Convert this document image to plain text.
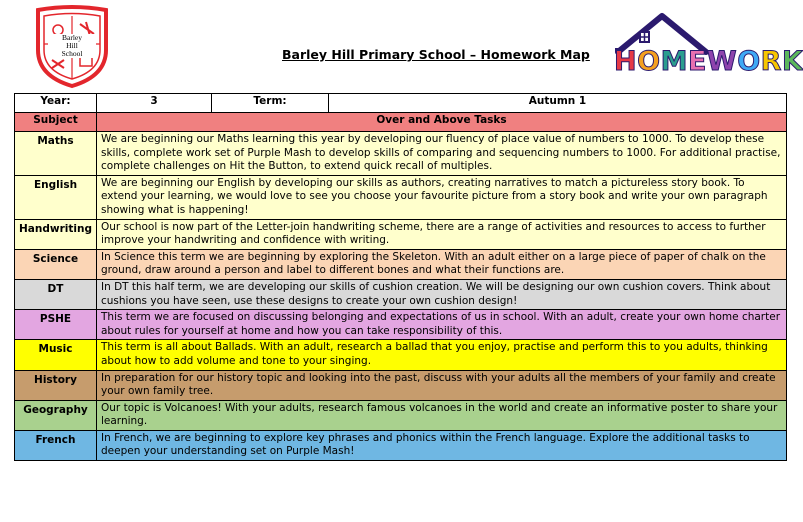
Barley
Hill
School	Barley Hill Primary School – Homework Map HOMEWORK
Year:	3	Term:	Autumn 1
Subject	Over and Above Tasks		
Maths	We are beginning our Maths learning this year by developing our fluency of place value of numbers to 1000. To develop these skills, complete work set of Purple Mash to develop skills of comparing and sequencing numbers to 1000. For additional practise, complete challenges on Hit the Button, to extend quick recall of multiples.		
English	We are beginning our English by developing our skills as authors, creating narratives to match a pictureless story book. To extend your learning, we would love to see you choose your favourite picture from a story book and write your own paragraph showing what is happening!		
Handwriting	Our school is now part of the Letter-join handwriting scheme, there are a range of activities and resources to access to further improve your handwriting and confidence with writing.		
Science	In Science this term we are beginning by exploring the Skeleton. With an adult either on a large piece of paper of chalk on the ground, draw around a person and label to different bones and what their functions are.		
DT	In DT this half term, we are developing our skills of cushion creation. We will be designing our own cushion covers. Think about cushions you have seen, use these designs to create your own cushion design!		
PSHE	This term we are focused on discussing belonging and expectations of us in school. With an adult, create your own home charter about rules for yourself at home and how you can take responsibility of this.		
Music	This term is all about Ballads. With an adult, research a ballad that you enjoy, practise and perform this to you adults, thinking about how to add volume and tone to your singing.		
History	In preparation for our history topic and looking into the past, discuss with your adults all the members of your family and create your own family tree.		
Geography	Our topic is Volcanoes! With your adults, research famous volcanoes in the world and create an informative poster to share your learning.		
French	In French, we are beginning to explore key phrases and phonics within the French language. Explore the additional tasks to deepen your understanding set on Purple Mash!		
